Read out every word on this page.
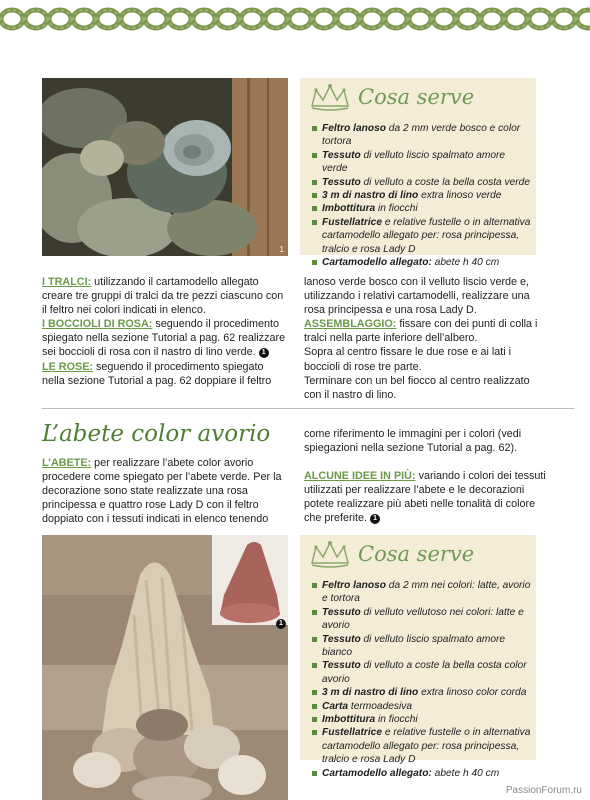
1
Cosa serve
Feltro lanoso da 2 mm verde bosco e color tortora
Tessuto di velluto liscio spalmato amore verde
Tessuto di velluto a coste la bella costa verde
3 m di nastro di lino extra linoso verde
Imbottitura in fiocchi
Fustellatrice e relative fustelle o in alternativa cartamodello allegato per: rosa principessa, tralcio e rosa Lady D
Cartamodello allegato: abete h 40 cm

I TRALCI: utilizzando il cartamodello allegato creare tre gruppi di tralci da tre pezzi ciascuno con il feltro nei colori indicati in elenco.

I BOCCIOLI DI ROSA: seguendo il procedimento spiegato nella sezione Tutorial a pag. 62 realizzare sei boccioli di rosa con il nastro di lino verde. 1

LE ROSE: seguendo il procedimento spiegato nella sezione Tutorial a pag. 62 doppiare il feltro

lanoso verde bosco con il velluto liscio verde e, utilizzando i relativi cartamodelli, realizzare una rosa principessa e una rosa Lady D.

ASSEMBLAGGIO: fissare con dei punti di colla i tralci nella parte inferiore dell’albero.

Sopra al centro fissare le due rose e ai lati i boccioli di rose tre parte.

Terminare con un bel fiocco al centro realizzato con il nastro di lino.

L’abete color avorio

L’ABETE: per realizzare l’abete color avorio procedere come spiegato per l’abete verde. Per la decorazione sono state realizzate una rosa principessa e quattro rose Lady D con il feltro doppiato con i tessuti indicati in elenco tenendo

come riferimento le immagini per i colori (vedi spiegazioni nella sezione Tutorial a pag. 62).

ALCUNE IDEE IN PIÙ: variando i colori dei tessuti utilizzati per realizzare l’abete e le decorazioni potete realizzare più abeti nelle tonalità di colore che preferite. 1

1
Cosa serve
Feltro lanoso da 2 mm nei colori: latte, avorio e tortora
Tessuto di velluto vellutoso nei colori: latte e avorio
Tessuto di velluto liscio spalmato amore bianco
Tessuto di velluto a coste la bella costa color avorio
3 m di nastro di lino extra linoso color corda
Carta termoadesiva
Imbottitura in fiocchi
Fustellatrice e relative fustelle o in alternativa cartamodello allegato per: rosa principessa, tralcio e rosa Lady D
Cartamodello allegato: abete h 40 cm
PassionForum.ru
